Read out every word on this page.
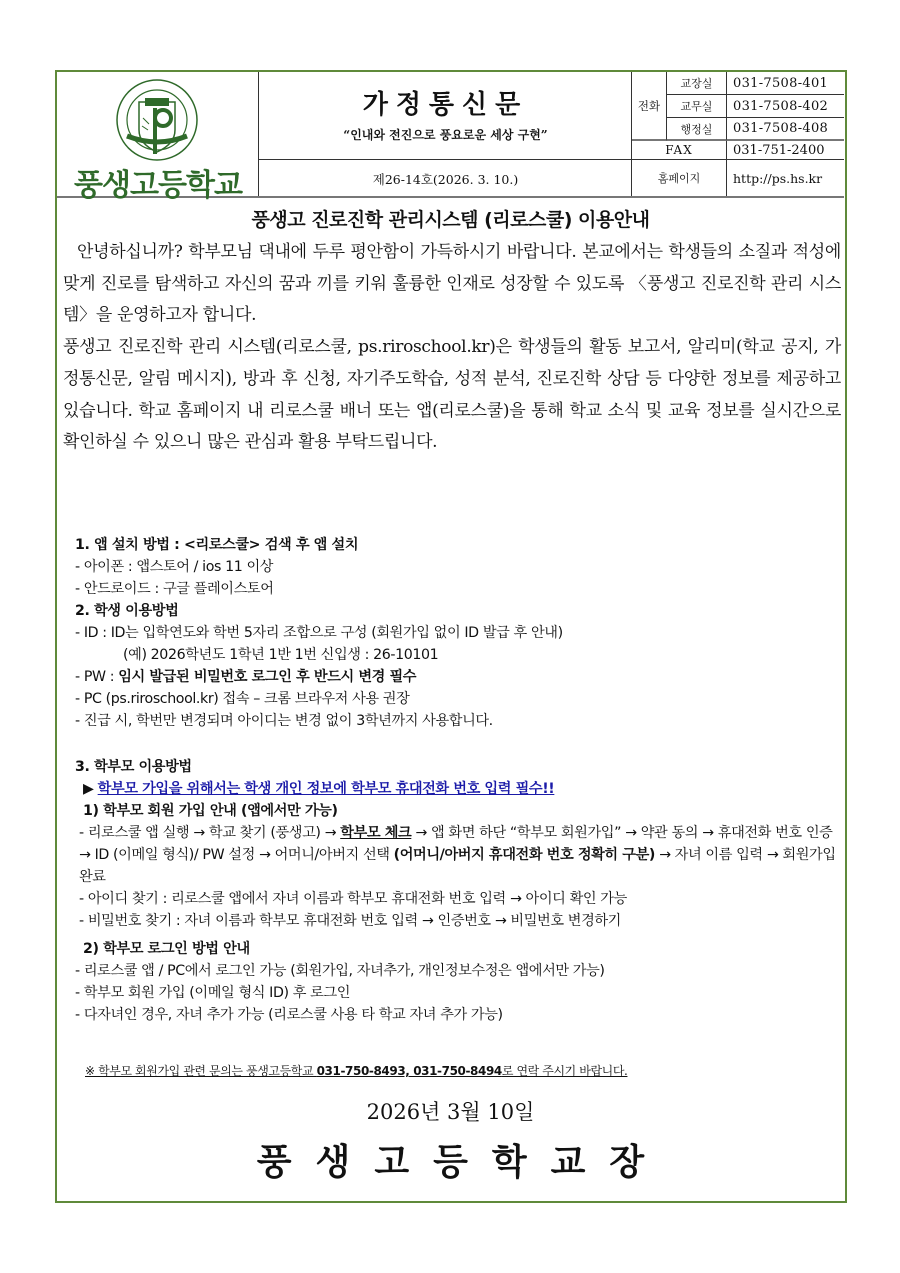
풍생고등학교
가정통신문
“인내와 전진으로 풍요로운 세상 구현”
제26-14호(2026. 3. 10.)
전화
교장실	031-7508-401
교무실	031-7508-402
행정실	031-7508-408
FAX	031-751-2400
홈페이지	http://ps.hs.kr
풍생고 진로진학 관리시스템 (리로스쿨) 이용안내

안녕하십니까? 학부모님 댁내에 두루 평안함이 가득하시기 바랍니다. 본교에서는 학생들의 소질과 적성에 맞게 진로를 탐색하고 자신의 꿈과 끼를 키워 훌륭한 인재로 성장할 수 있도록 〈풍생고 진로진학 관리 시스템〉을 운영하고자 합니다.

풍생고 진로진학 관리 시스템(리로스쿨, ps.riroschool.kr)은 학생들의 활동 보고서, 알리미(학교 공지, 가정통신문, 알림 메시지), 방과 후 신청, 자기주도학습, 성적 분석, 진로진학 상담 등 다양한 정보를 제공하고 있습니다. 학교 홈페이지 내 리로스쿨 배너 또는 앱(리로스쿨)을 통해 학교 소식 및 교육 정보를 실시간으로 확인하실 수 있으니 많은 관심과 활용 부탁드립니다.

1. 앱 설치 방법 : <리로스쿨> 검색 후 앱 설치
- 아이폰 : 앱스토어 / ios 11 이상
- 안드로이드 : 구글 플레이스토어
2. 학생 이용방법
- ID : ID는 입학연도와 학번 5자리 조합으로 구성 (회원가입 없이 ID 발급 후 안내)
(예) 2026학년도 1학년 1반 1번 신입생 : 26-10101
- PW : 임시 발급된 비밀번호 로그인 후 반드시 변경 필수
- PC (ps.riroschool.kr) 접속 – 크롬 브라우저 사용 권장
- 진급 시, 학번만 변경되며 아이디는 변경 없이 3학년까지 사용합니다.
3. 학부모 이용방법
▶ 학부모 가입을 위해서는 학생 개인 정보에 학부모 휴대전화 번호 입력 필수!!
1) 학부모 회원 가입 안내 (앱에서만 가능)
- 리로스쿨 앱 실행 → 학교 찾기 (풍생고) → 학부모 체크 → 앱 화면 하단 “학부모 회원가입” → 약관 동의 → 휴대전화 번호 인증 → ID (이메일 형식)/ PW 설정 → 어머니/아버지 선택 (어머니/아버지 휴대전화 번호 정확히 구분) → 자녀 이름 입력 → 회원가입 완료
- 아이디 찾기 : 리로스쿨 앱에서 자녀 이름과 학부모 휴대전화 번호 입력 → 아이디 확인 가능
- 비밀번호 찾기 : 자녀 이름과 학부모 휴대전화 번호 입력 → 인증번호 → 비밀번호 변경하기
2) 학부모 로그인 방법 안내
- 리로스쿨 앱 / PC에서 로그인 가능 (회원가입, 자녀추가, 개인정보수정은 앱에서만 가능)
- 학부모 회원 가입 (이메일 형식 ID) 후 로그인
- 다자녀인 경우, 자녀 추가 가능 (리로스쿨 사용 타 학교 자녀 추가 가능)
※ 학부모 회원가입 관련 문의는 풍생고등학교 031-750-8493, 031-750-8494로 연락 주시기 바랍니다.
2026년 3월 10일
풍생고등학교장
